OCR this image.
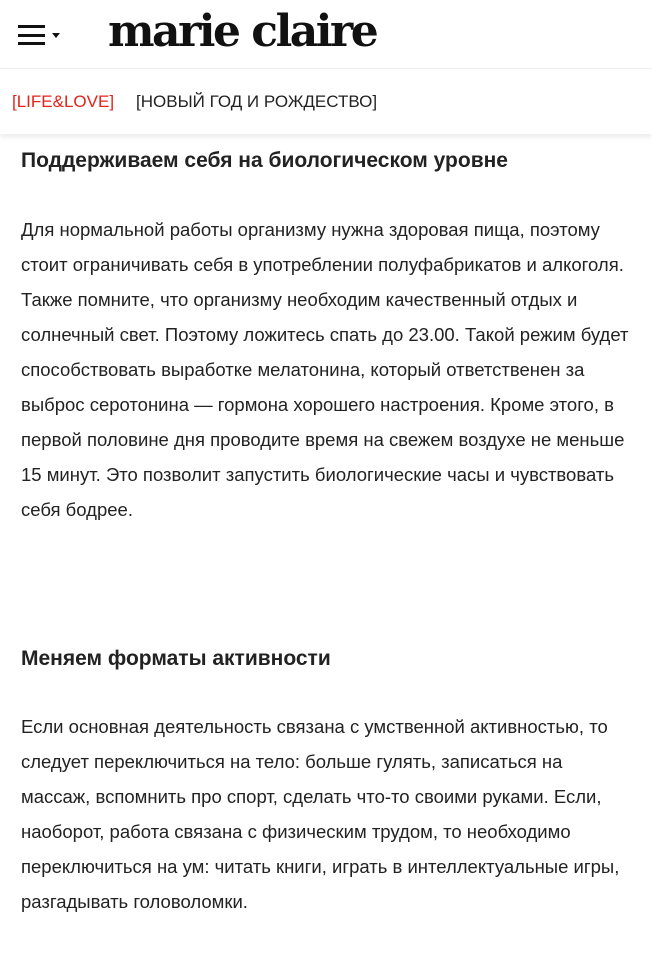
marie claire
[LIFE&LOVE] [НОВЫЙ ГОД И РОЖДЕСТВО]
Поддерживаем себя на биологическом уровне

Для нормальной работы организму нужна здоровая пища, поэтому стоит ограничивать себя в употреблении полуфабрикатов и алкоголя. Также помните, что организму необходим качественный отдых и солнечный свет. Поэтому ложитесь спать до 23.00. Такой режим будет способствовать выработке мелатонина, который ответственен за выброс серотонина — гормона хорошего настроения. Кроме этого, в первой половине дня проводите время на свежем воздухе не меньше 15 минут. Это позволит запустить биологические часы и чувствовать себя бодрее.

Меняем форматы активности

Если основная деятельность связана с умственной активностью, то следует переключиться на тело: больше гулять, записаться на массаж, вспомнить про спорт, сделать что-то своими руками. Если, наоборот, работа связана с физическим трудом, то необходимо переключиться на ум: читать книги, играть в интеллектуальные игры, разгадывать головоломки.
